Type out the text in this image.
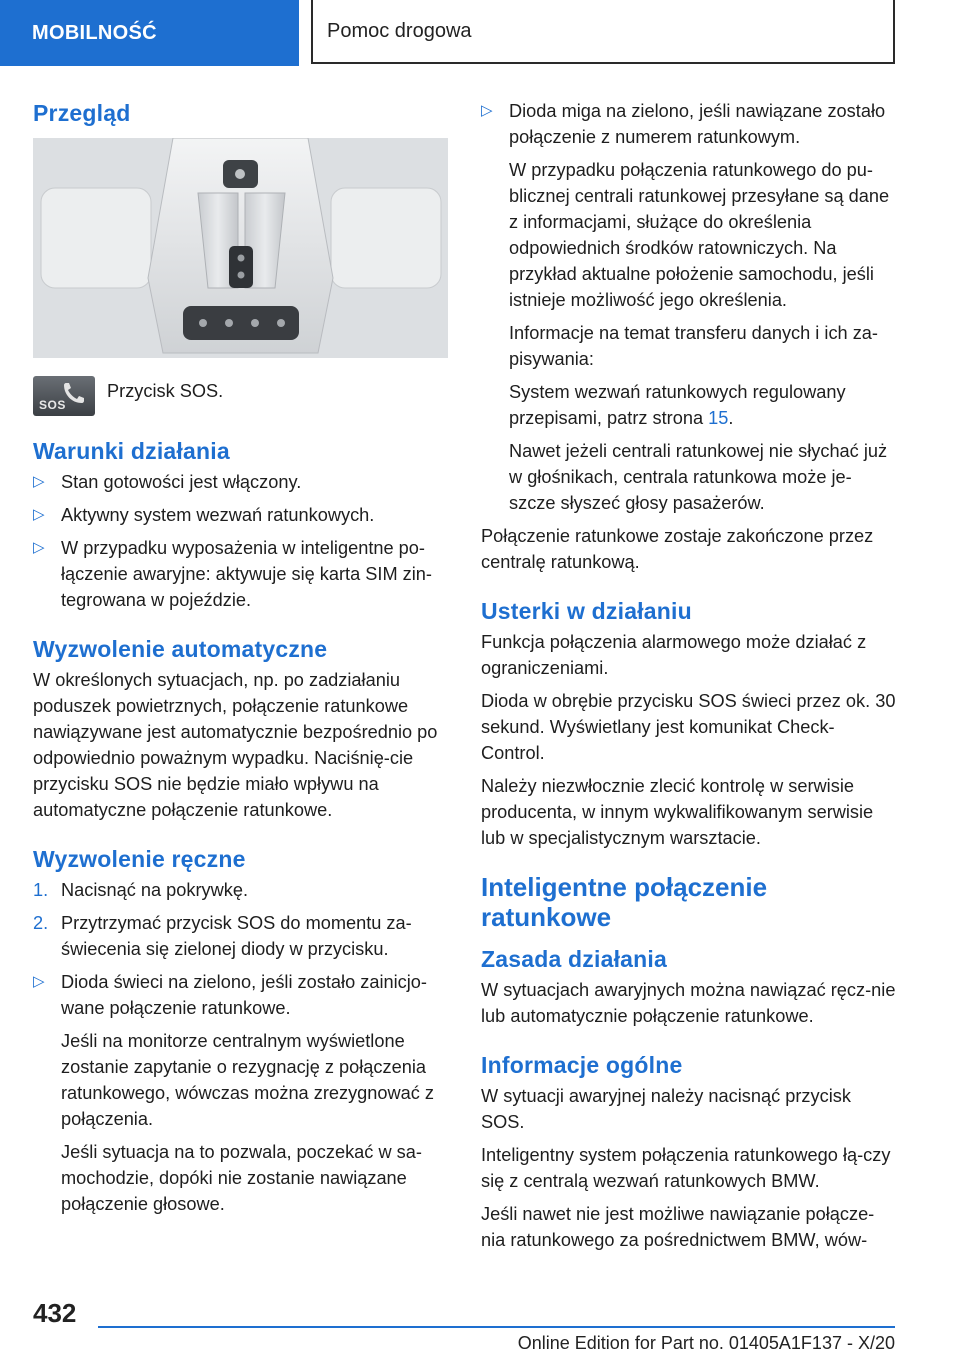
MOBILNOŚĆ	Pomoc drogowa
Przegląd
SOS
Przycisk SOS.
Warunki działania
▷ Stan gotowości jest włączony.
▷ Aktywny system wezwań ratunkowych.
▷ W przypadku wyposażenia w inteligentne po-łączenie awaryjne: aktywuje się karta SIM zin-tegrowana w pojeździe.
Wyzwolenie automatyczne

W określonych sytuacjach, np. po zadziałaniu poduszek powietrznych, połączenie ratunkowe nawiązywane jest automatycznie bezpośrednio po odpowiednio poważnym wypadku. Naciśnię-cie przycisku SOS nie będzie miało wpływu na automatyczne połączenie ratunkowe.

Wyzwolenie ręczne
1. Nacisnąć na pokrywkę.
2. Przytrzymać przycisk SOS do momentu za-świecenia się zielonej diody w przycisku.
▷ Dioda świeci na zielono, jeśli zostało zainicjo-wane połączenie ratunkowe.

Jeśli na monitorze centralnym wyświetlone zostanie zapytanie o rezygnację z połączenia ratunkowego, wówczas można zrezygnować z połączenia.

Jeśli sytuacja na to pozwala, poczekać w sa-mochodzie, dopóki nie zostanie nawiązane połączenie głosowe.

▷ Dioda miga na zielono, jeśli nawiązane zostało połączenie z numerem ratunkowym.

W przypadku połączenia ratunkowego do pu-blicznej centrali ratunkowej przesyłane są dane z informacjami, służące do określenia odpowiednich środków ratowniczych. Na przykład aktualne położenie samochodu, jeśli istnieje możliwość jego określenia.

Informacje na temat transferu danych i ich za-pisywania:

System wezwań ratunkowych regulowany przepisami, patrz strona 15.

Nawet jeżeli centrali ratunkowej nie słychać już w głośnikach, centrala ratunkowa może je-szcze słyszeć głosy pasażerów.

Połączenie ratunkowe zostaje zakończone przez centralę ratunkową.

Usterki w działaniu

Funkcja połączenia alarmowego może działać z ograniczeniami.

Dioda w obrębie przycisku SOS świeci przez ok. 30 sekund. Wyświetlany jest komunikat Check-Control.

Należy niezwłocznie zlecić kontrolę w serwisie producenta, w innym wykwalifikowanym serwisie lub w specjalistycznym warsztacie.

Inteligentne połączenie ratunkowe
Zasada działania

W sytuacjach awaryjnych można nawiązać ręcz-nie lub automatycznie połączenie ratunkowe.

Informacje ogólne

W sytuacji awaryjnej należy nacisnąć przycisk SOS.

Inteligentny system połączenia ratunkowego łą-czy się z centralą wezwań ratunkowych BMW.

Jeśli nawet nie jest możliwe nawiązanie połącze-nia ratunkowego za pośrednictwem BMW, wów-

432
Online Edition for Part no. 01405A1F137 - X/20
